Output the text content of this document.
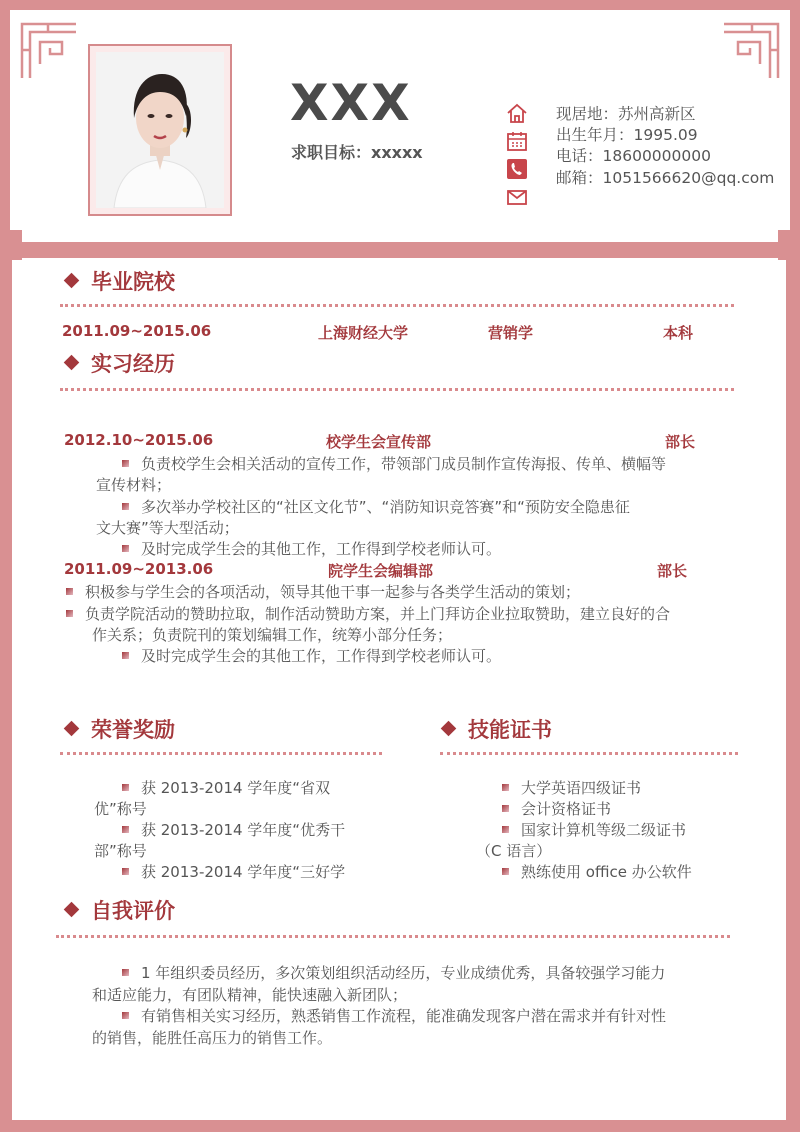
XXX
求职目标：xxxxx
现居地：苏州高新区
出生年月：1995.09
电话：18600000000
邮箱：1051566620@qq.com
毕业院校
2011.09~2015.06	上海财经大学	营销学	本科
实习经历
2012.10~2015.06	校学生会宣传部	部长
负责校学生会相关活动的宣传工作，带领部门成员制作宣传海报、传单、横幅等
宣传材料；
多次举办学校社区的“社区文化节”、“消防知识竞答赛”和“预防安全隐患征
文大赛”等大型活动；
及时完成学生会的其他工作，工作得到学校老师认可。
2011.09~2013.06	院学生会编辑部	部长
积极参与学生会的各项活动，领导其他干事一起参与各类学生活动的策划；
负责学院活动的赞助拉取，制作活动赞助方案，并上门拜访企业拉取赞助，建立良好的合
作关系；负责院刊的策划编辑工作，统筹小部分任务；
及时完成学生会的其他工作，工作得到学校老师认可。
荣誉奖励
获 2013-2014 学年度“省双
优”称号
获 2013-2014 学年度“优秀干
部”称号
获 2013-2014 学年度“三好学
技能证书
大学英语四级证书
会计资格证书
国家计算机等级二级证书
（C 语言）
熟练使用 office 办公软件
自我评价
1 年组织委员经历，多次策划组织活动经历，专业成绩优秀，具备较强学习能力
和适应能力，有团队精神，能快速融入新团队；
有销售相关实习经历，熟悉销售工作流程，能准确发现客户潜在需求并有针对性
的销售，能胜任高压力的销售工作。
